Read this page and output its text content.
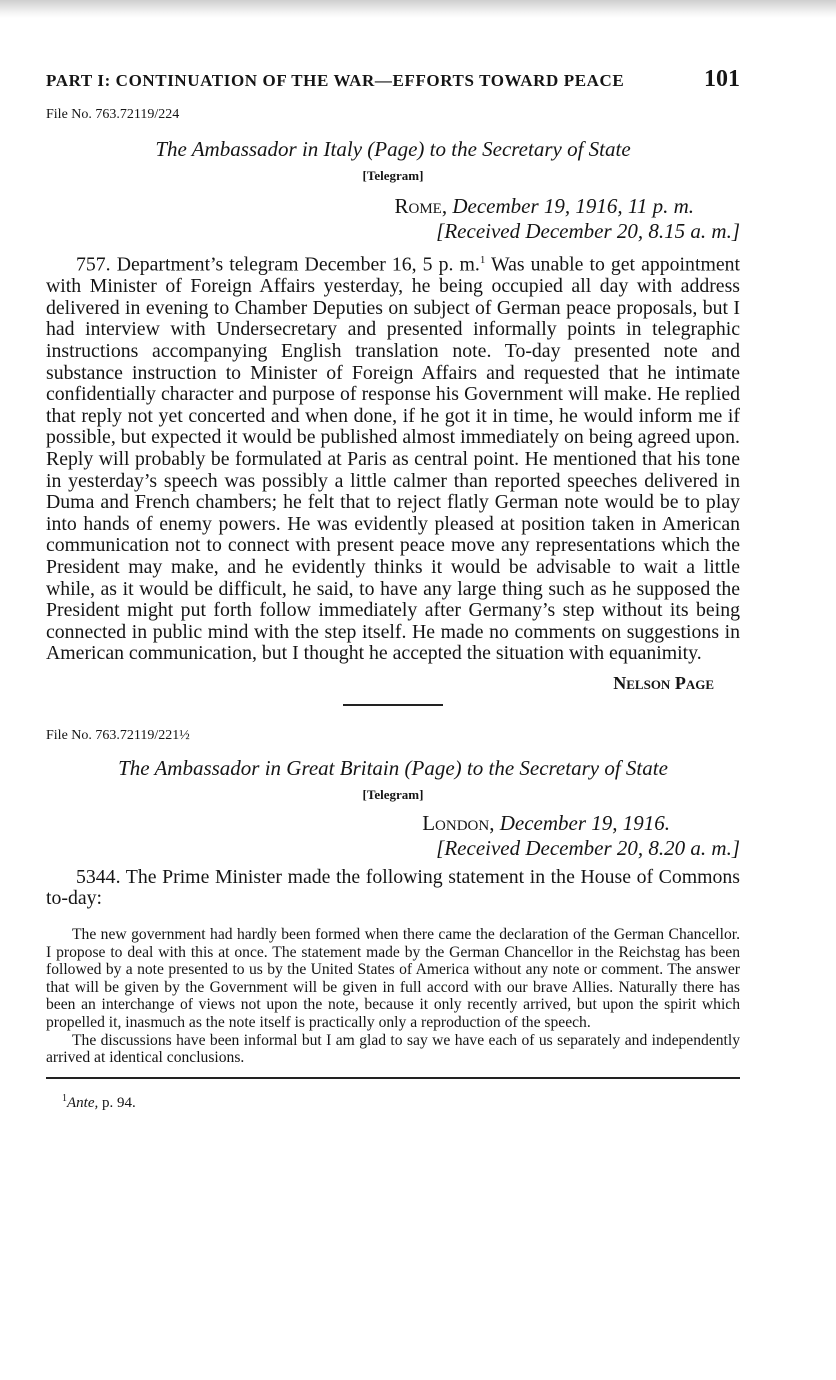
PART I: CONTINUATION OF THE WAR—EFFORTS TOWARD PEACE	101

File No. 763.72119/224

The Ambassador in Italy (Page) to the Secretary of State

[Telegram]

Rome, December 19, 1916, 11 p. m.

[Received December 20, 8.15 a. m.]

757. Department’s telegram December 16, 5 p. m.$^1$ Was unable to get appointment with Minister of Foreign Affairs yesterday, he being occupied all day with address delivered in evening to Chamber Deputies on subject of German peace proposals, but I had interview with Undersecretary and presented informally points in telegraphic instructions accompanying English translation note. To-day presented note and substance instruction to Minister of Foreign Affairs and requested that he intimate confidentially character and purpose of response his Government will make. He replied that reply not yet concerted and when done, if he got it in time, he would inform me if possible, but expected it would be published almost immediately on being agreed upon. Reply will probably be formulated at Paris as central point. He mentioned that his tone in yesterday’s speech was possibly a little calmer than reported speeches delivered in Duma and French chambers; he felt that to reject flatly German note would be to play into hands of enemy powers. He was evidently pleased at position taken in American communication not to connect with present peace move any representations which the President may make, and he evidently thinks it would be advisable to wait a little while, as it would be difficult, he said, to have any large thing such as he supposed the President might put forth follow immediately after Germany’s step without its being connected in public mind with the step itself. He made no comments on suggestions in American communication, but I thought he accepted the situation with equanimity.

Nelson Page

File No. 763.72119/221½

The Ambassador in Great Britain (Page) to the Secretary of State

[Telegram]

London, December 19, 1916.

[Received December 20, 8.20 a. m.]

5344. The Prime Minister made the following statement in the House of Commons to-day:

The new government had hardly been formed when there came the declaration of the German Chancellor. I propose to deal with this at once. The statement made by the German Chancellor in the Reichstag has been followed by a note presented to us by the United States of America without any note or comment. The answer that will be given by the Government will be given in full accord with our brave Allies. Naturally there has been an interchange of views not upon the note, because it only recently arrived, but upon the spirit which propelled it, inasmuch as the note itself is practically only a reproduction of the speech.

The discussions have been informal but I am glad to say we have each of us separately and independently arrived at identical conclusions.

$^1$Ante, p. 94.
